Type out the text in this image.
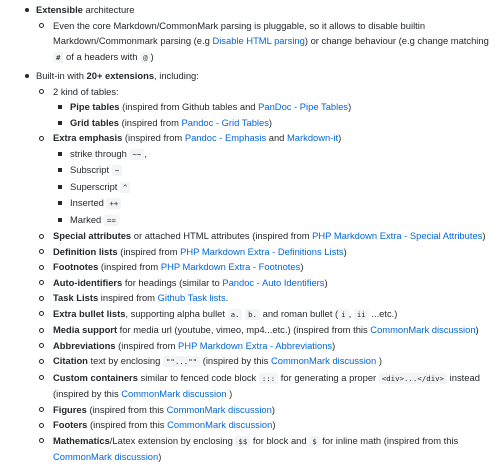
Extensible architecture
Even the core Markdown/CommonMark parsing is pluggable, so it allows to disable builtin Markdown/Commonmark parsing (e.g Disable HTML parsing) or change behaviour (e.g change matching # of a headers with @ )
Built-in with 20+ extensions, including:
2 kind of tables:
Pipe tables (inspired from Github tables and PanDoc - Pipe Tables)
Grid tables (inspired from Pandoc - Grid Tables)
Extra emphasis (inspired from Pandoc - Emphasis and Markdown-it)
strike through ~~ ,
Subscript ~
Superscript ^
Inserted ++
Marked ==
Special attributes or attached HTML attributes (inspired from PHP Markdown Extra - Special Attributes)
Definition lists (inspired from PHP Markdown Extra - Definitions Lists)
Footnotes (inspired from PHP Markdown Extra - Footnotes)
Auto-identifiers for headings (similar to Pandoc - Auto Identifiers)
Task Lists inspired from Github Task lists.
Extra bullet lists, supporting alpha bullet a. b. and roman bullet ( i , ii ...etc.)
Media support for media url (youtube, vimeo, mp4...etc.) (inspired from this CommonMark discussion)
Abbreviations (inspired from PHP Markdown Extra - Abbreviations)
Citation text by enclosing ""..."" (inspired by this CommonMark discussion )
Custom containers similar to fenced code block ::: for generating a proper <div>...</div> instead (inspired by this CommonMark discussion )
Figures (inspired from this CommonMark discussion)
Footers (inspired from this CommonMark discussion)
Mathematics/Latex extension by enclosing $$ for block and $ for inline math (inspired from this CommonMark discussion)
